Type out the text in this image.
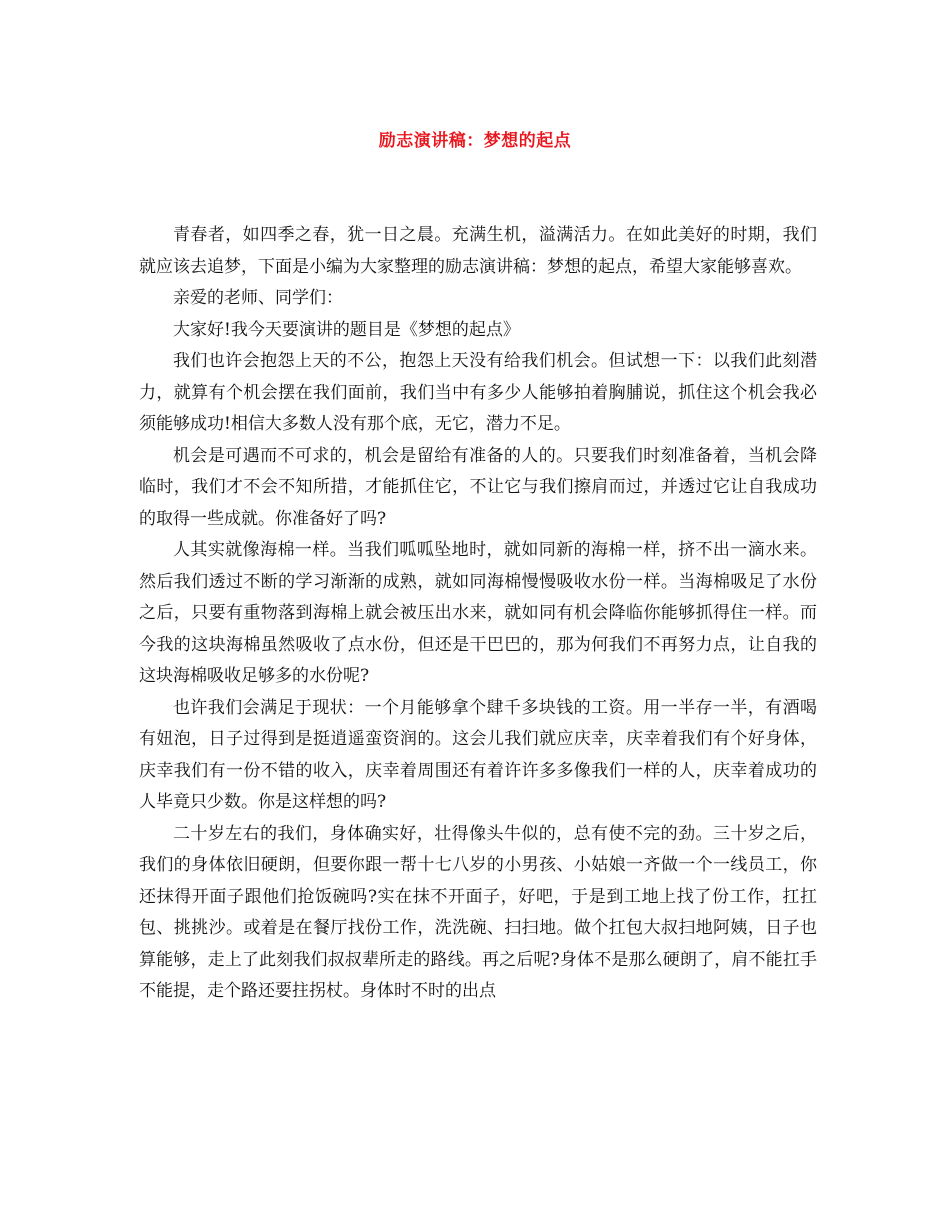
励志演讲稿：梦想的起点

青春者，如四季之春，犹一日之晨。充满生机，溢满活力。在如此美好的时期，我们就应该去追梦，下面是小编为大家整理的励志演讲稿：梦想的起点，希望大家能够喜欢。

亲爱的老师、同学们：

大家好!我今天要演讲的题目是《梦想的起点》

我们也许会抱怨上天的不公，抱怨上天没有给我们机会。但试想一下：以我们此刻潜力，就算有个机会摆在我们面前，我们当中有多少人能够拍着胸脯说，抓住这个机会我必须能够成功!相信大多数人没有那个底，无它，潜力不足。

机会是可遇而不可求的，机会是留给有准备的人的。只要我们时刻准备着，当机会降临时，我们才不会不知所措，才能抓住它，不让它与我们擦肩而过，并透过它让自我成功的取得一些成就。你准备好了吗?

人其实就像海棉一样。当我们呱呱坠地时，就如同新的海棉一样，挤不出一滴水来。然后我们透过不断的学习渐渐的成熟，就如同海棉慢慢吸收水份一样。当海棉吸足了水份之后，只要有重物落到海棉上就会被压出水来，就如同有机会降临你能够抓得住一样。而今我的这块海棉虽然吸收了点水份，但还是干巴巴的，那为何我们不再努力点，让自我的这块海棉吸收足够多的水份呢?

也许我们会满足于现状：一个月能够拿个肆千多块钱的工资。用一半存一半，有酒喝有妞泡，日子过得到是挺逍遥蛮资润的。这会儿我们就应庆幸，庆幸着我们有个好身体，庆幸我们有一份不错的收入，庆幸着周围还有着许许多多像我们一样的人，庆幸着成功的人毕竟只少数。你是这样想的吗?

二十岁左右的我们，身体确实好，壮得像头牛似的，总有使不完的劲。三十岁之后，我们的身体依旧硬朗，但要你跟一帮十七八岁的小男孩、小姑娘一齐做一个一线员工，你还抹得开面子跟他们抢饭碗吗?实在抹不开面子，好吧，于是到工地上找了份工作，扛扛包、挑挑沙。或着是在餐厅找份工作，洗洗碗、扫扫地。做个扛包大叔扫地阿姨，日子也算能够，走上了此刻我们叔叔辈所走的路线。再之后呢?身体不是那么硬朗了，肩不能扛手不能提，走个路还要拄拐杖。身体时不时的出点
